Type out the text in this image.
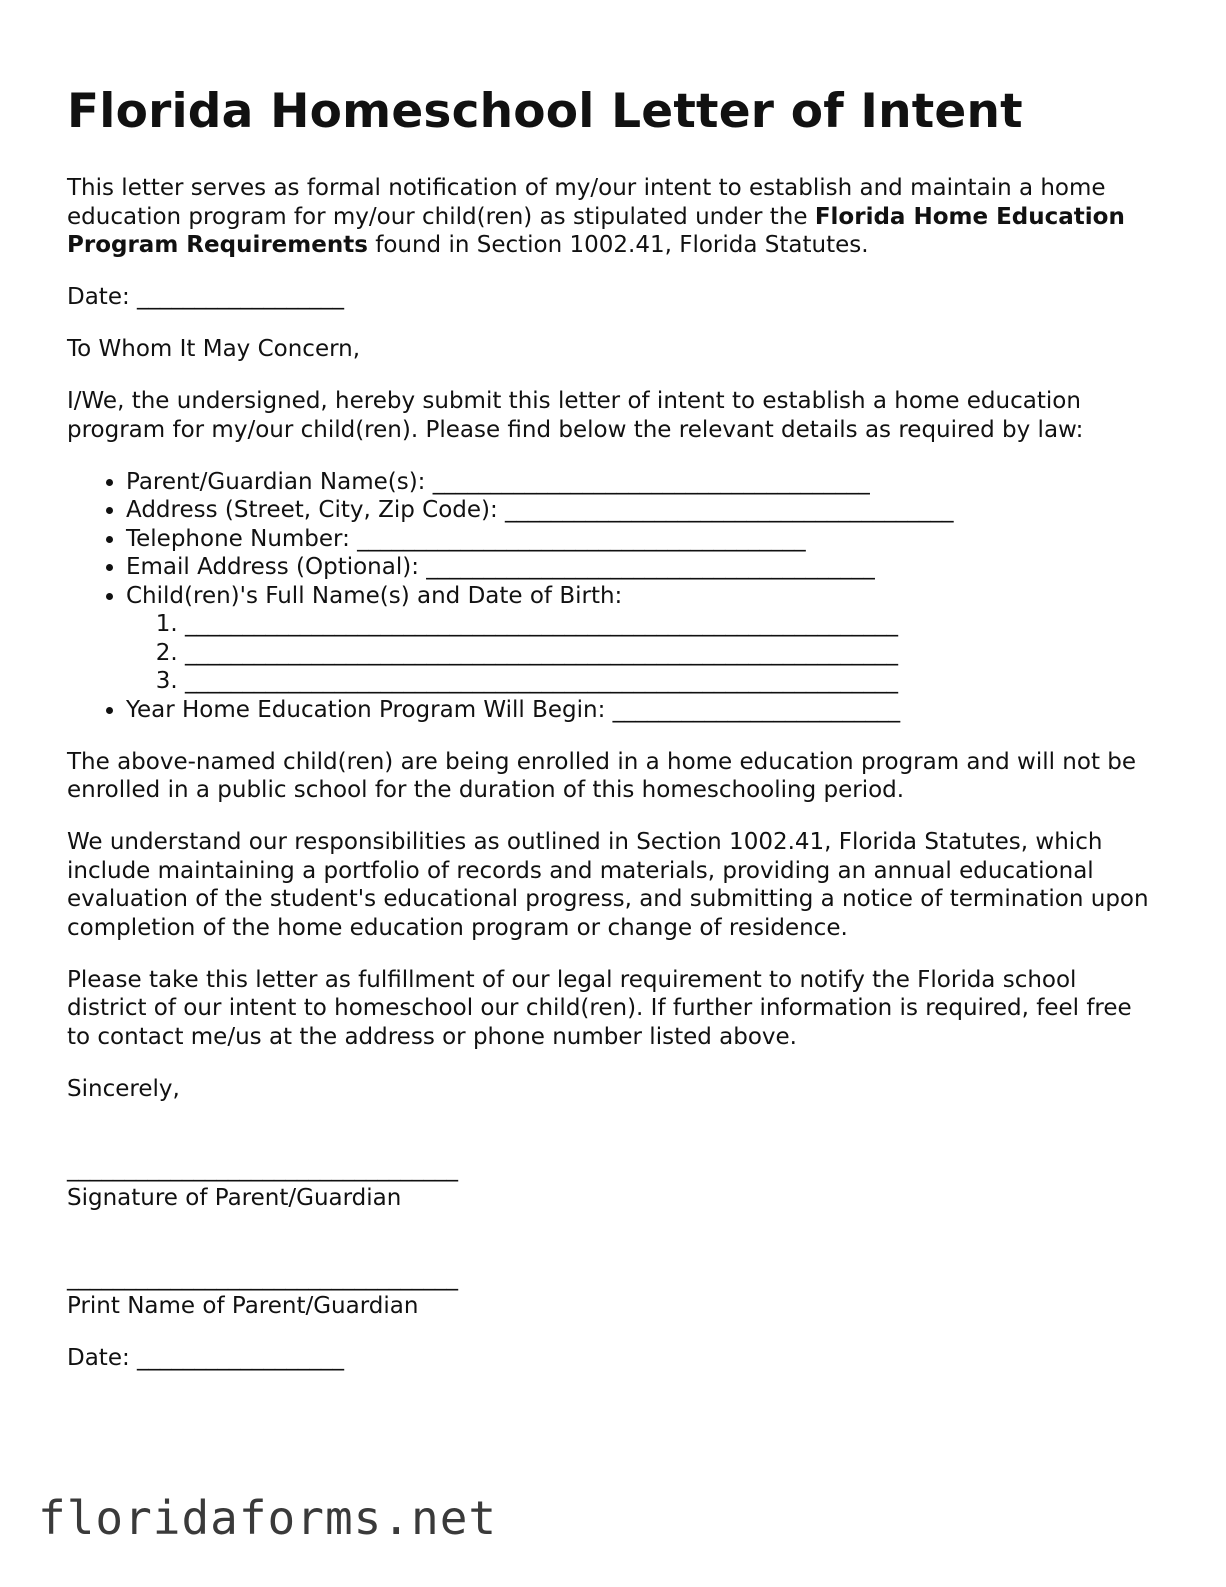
Florida Homeschool Letter of Intent

This letter serves as formal notification of my/our intent to establish and maintain a home education program for my/our child(ren) as stipulated under the Florida Home Education Program Requirements found in Section 1002.41, Florida Statutes.

Date: __________________

To Whom It May Concern,

I/We, the undersigned, hereby submit this letter of intent to establish a home education program for my/our child(ren). Please find below the relevant details as required by law:

• Parent/Guardian Name(s): ______________________________________
• Address (Street, City, Zip Code): _______________________________________
• Telephone Number: _______________________________________
• Email Address (Optional): _______________________________________
• Child(ren)'s Full Name(s) and Date of Birth:
1. ______________________________________________________________
2. ______________________________________________________________
3. ______________________________________________________________
• Year Home Education Program Will Begin: _________________________

The above-named child(ren) are being enrolled in a home education program and will not be enrolled in a public school for the duration of this homeschooling period.

We understand our responsibilities as outlined in Section 1002.41, Florida Statutes, which include maintaining a portfolio of records and materials, providing an annual educational evaluation of the student's educational progress, and submitting a notice of termination upon completion of the home education program or change of residence.

Please take this letter as fulfillment of our legal requirement to notify the Florida school district of our intent to homeschool our child(ren). If further information is required, feel free to contact me/us at the address or phone number listed above.

Sincerely,

__________________________________
Signature of Parent/Guardian
__________________________________
Print Name of Parent/Guardian
Date: __________________
floridaforms.net
